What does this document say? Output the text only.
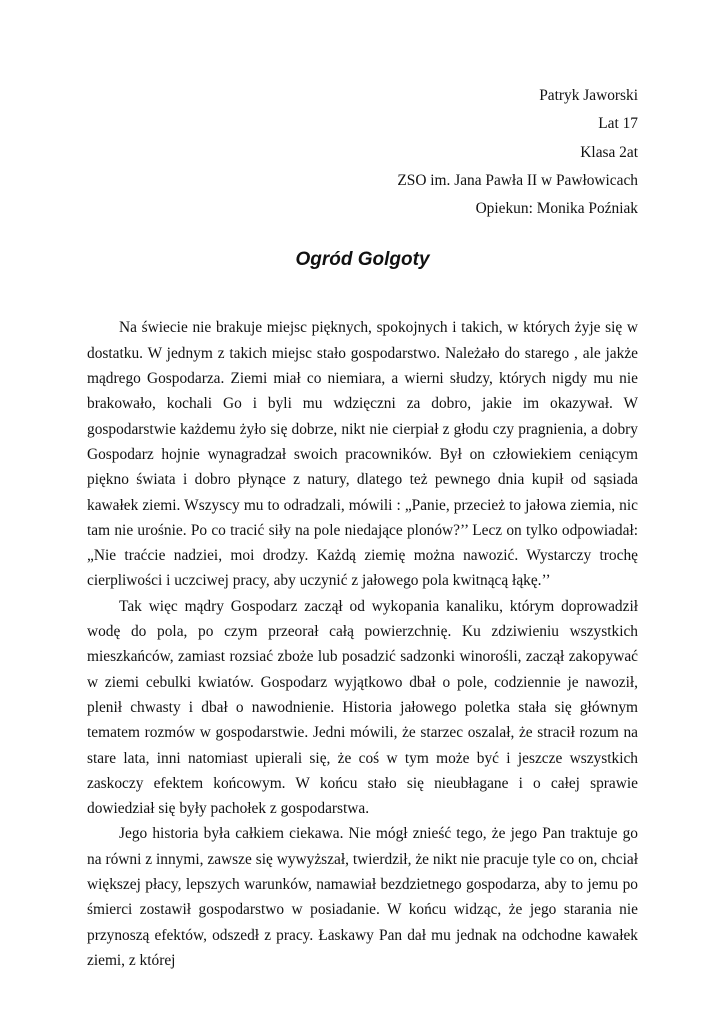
Patryk Jaworski
Lat 17
Klasa 2at
ZSO im. Jana Pawła II w Pawłowicach
Opiekun: Monika Poźniak
Ogród Golgoty

Na świecie nie brakuje miejsc pięknych, spokojnych i takich, w których żyje się w dostatku. W jednym z takich miejsc stało gospodarstwo. Należało do starego , ale jakże mądrego Gospodarza. Ziemi miał co niemiara, a wierni słudzy, których nigdy mu nie brakowało, kochali Go i byli mu wdzięczni za dobro, jakie im okazywał. W gospodarstwie każdemu żyło się dobrze, nikt nie cierpiał z głodu czy pragnienia, a dobry Gospodarz hojnie wynagradzał swoich pracowników. Był on człowiekiem ceniącym piękno świata i dobro płynące z natury, dlatego też pewnego dnia kupił od sąsiada kawałek ziemi. Wszyscy mu to odradzali, mówili : „Panie, przecież to jałowa ziemia, nic tam nie urośnie. Po co tracić siły na pole niedające plonów?’’ Lecz on tylko odpowiadał: „Nie traćcie nadziei, moi drodzy. Każdą ziemię można nawozić. Wystarczy trochę cierpliwości i uczciwej pracy, aby uczynić z jałowego pola kwitnącą łąkę.’’

Tak więc mądry Gospodarz zaczął od wykopania kanaliku, którym doprowadził wodę do pola, po czym przeorał całą powierzchnię. Ku zdziwieniu wszystkich mieszkańców, zamiast rozsiać zboże lub posadzić sadzonki winorośli, zaczął zakopywać w ziemi cebulki kwiatów. Gospodarz wyjątkowo dbał o pole, codziennie je nawoził, plenił chwasty i dbał o nawodnienie. Historia jałowego poletka stała się głównym tematem rozmów w gospodarstwie. Jedni mówili, że starzec oszalał, że stracił rozum na stare lata, inni natomiast upierali się, że coś w tym może być i jeszcze wszystkich zaskoczy efektem końcowym. W końcu stało się nieubłagane i o całej sprawie dowiedział się były pachołek z gospodarstwa.

Jego historia była całkiem ciekawa. Nie mógł znieść tego, że jego Pan traktuje go na równi z innymi, zawsze się wywyższał, twierdził, że nikt nie pracuje tyle co on, chciał większej płacy, lepszych warunków, namawiał bezdzietnego gospodarza, aby to jemu po śmierci zostawił gospodarstwo w posiadanie. W końcu widząc, że jego starania nie przynoszą efektów, odszedł z pracy. Łaskawy Pan dał mu jednak na odchodne kawałek ziemi, z której
